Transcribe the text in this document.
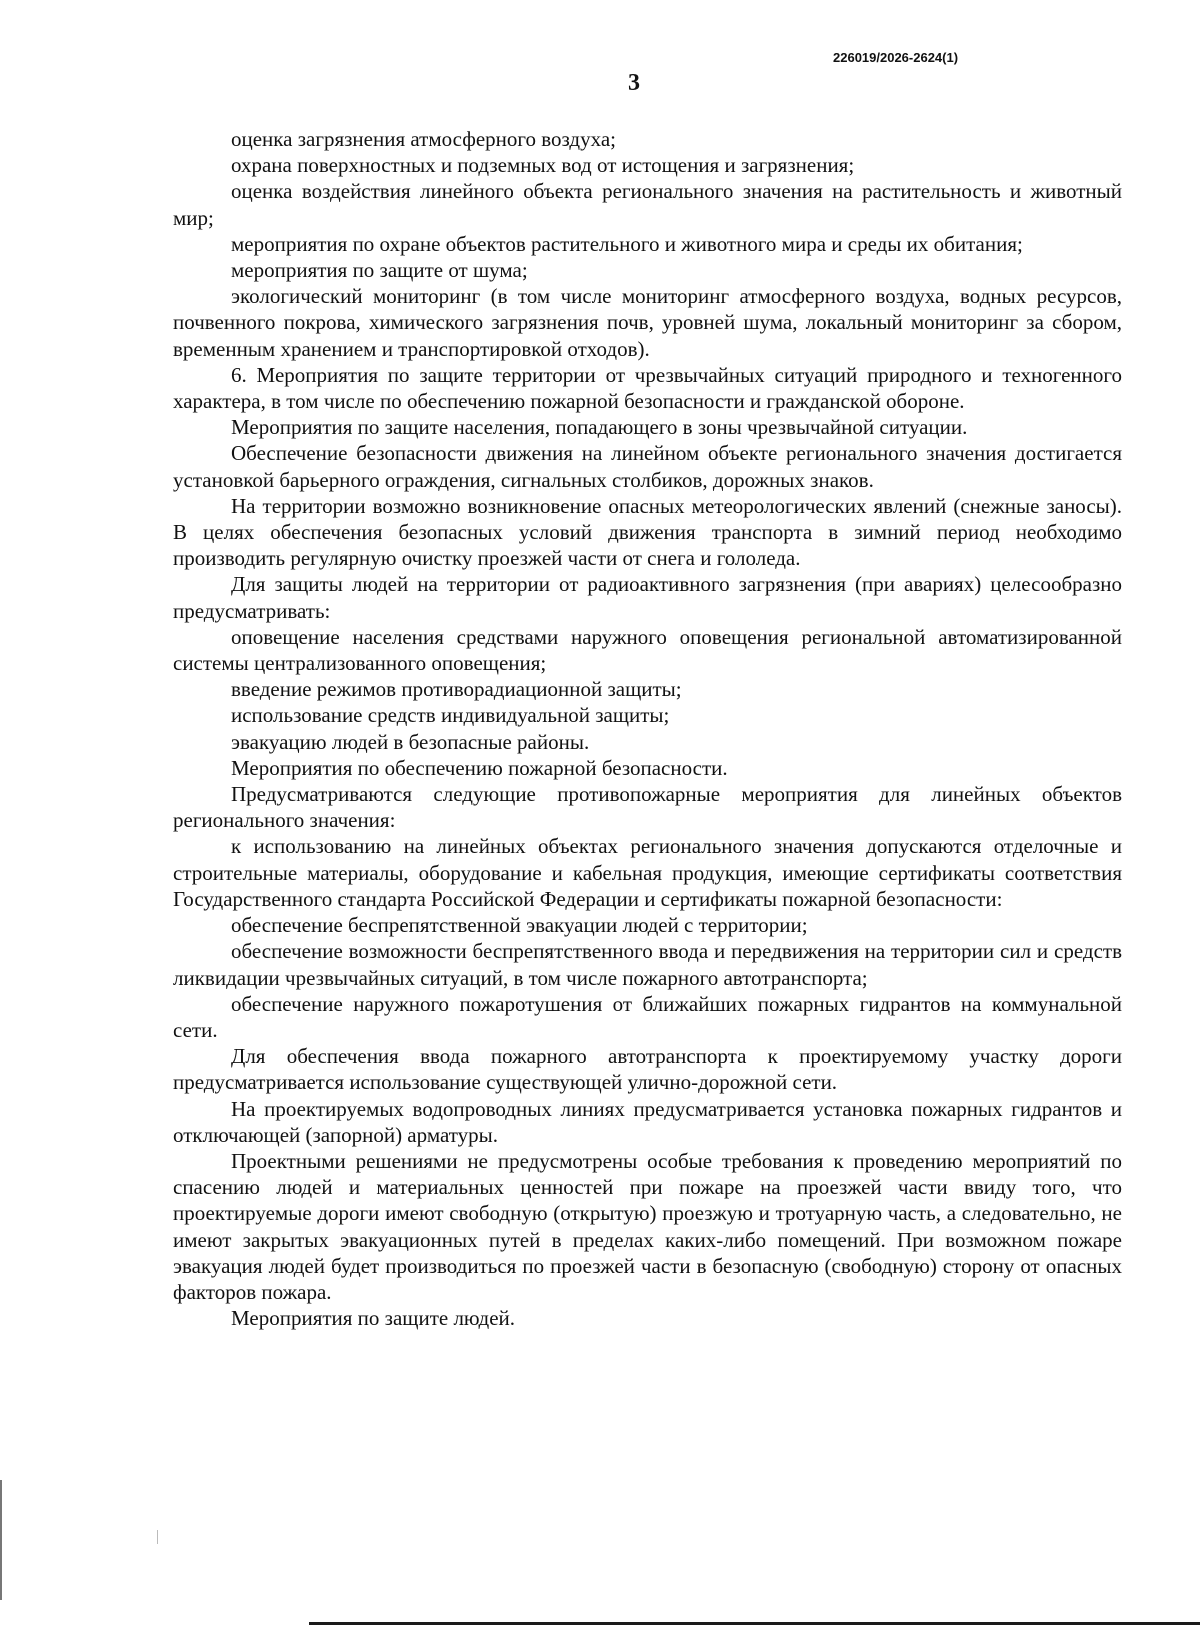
226019/2026-2624(1)
3

оценка загрязнения атмосферного воздуха;

охрана поверхностных и подземных вод от истощения и загрязнения;

оценка воздействия линейного объекта регионального значения на растительность и животный мир;

мероприятия по охране объектов растительного и животного мира и среды их обитания;

мероприятия по защите от шума;

экологический мониторинг (в том числе мониторинг атмосферного воздуха, водных ресурсов, почвенного покрова, химического загрязнения почв, уровней шума, локальный мониторинг за сбором, временным хранением и транспортировкой отходов).

6. Мероприятия по защите территории от чрезвычайных ситуаций природного и техногенного характера, в том числе по обеспечению пожарной безопасности и гражданской обороне.

Мероприятия по защите населения, попадающего в зоны чрезвычайной ситуации.

Обеспечение безопасности движения на линейном объекте регионального значения достигается установкой барьерного ограждения, сигнальных столбиков, дорожных знаков.

На территории возможно возникновение опасных метеорологических явлений (снежные заносы). В целях обеспечения безопасных условий движения транспорта в зимний период необходимо производить регулярную очистку проезжей части от снега и гололеда.

Для защиты людей на территории от радиоактивного загрязнения (при авариях) целесообразно предусматривать:

оповещение населения средствами наружного оповещения региональной автоматизированной системы централизованного оповещения;

введение режимов противорадиационной защиты;

использование средств индивидуальной защиты;

эвакуацию людей в безопасные районы.

Мероприятия по обеспечению пожарной безопасности.

Предусматриваются следующие противопожарные мероприятия для линейных объектов регионального значения:

к использованию на линейных объектах регионального значения допускаются отделочные и строительные материалы, оборудование и кабельная продукция, имеющие сертификаты соответствия Государственного стандарта Российской Федерации и сертификаты пожарной безопасности:

обеспечение беспрепятственной эвакуации людей с территории;

обеспечение возможности беспрепятственного ввода и передвижения на территории сил и средств ликвидации чрезвычайных ситуаций, в том числе пожарного автотранспорта;

обеспечение наружного пожаротушения от ближайших пожарных гидрантов на коммунальной сети.

Для обеспечения ввода пожарного автотранспорта к проектируемому участку дороги предусматривается использование существующей улично-дорожной сети.

На проектируемых водопроводных линиях предусматривается установка пожарных гидрантов и отключающей (запорной) арматуры.

Проектными решениями не предусмотрены особые требования к проведению мероприятий по спасению людей и материальных ценностей при пожаре на проезжей части ввиду того, что проектируемые дороги имеют свободную (открытую) проезжую и тротуарную часть, а следовательно, не имеют закрытых эвакуационных путей в пределах каких-либо помещений. При возможном пожаре эвакуация людей будет производиться по проезжей части в безопасную (свободную) сторону от опасных факторов пожара.

Мероприятия по защите людей.
